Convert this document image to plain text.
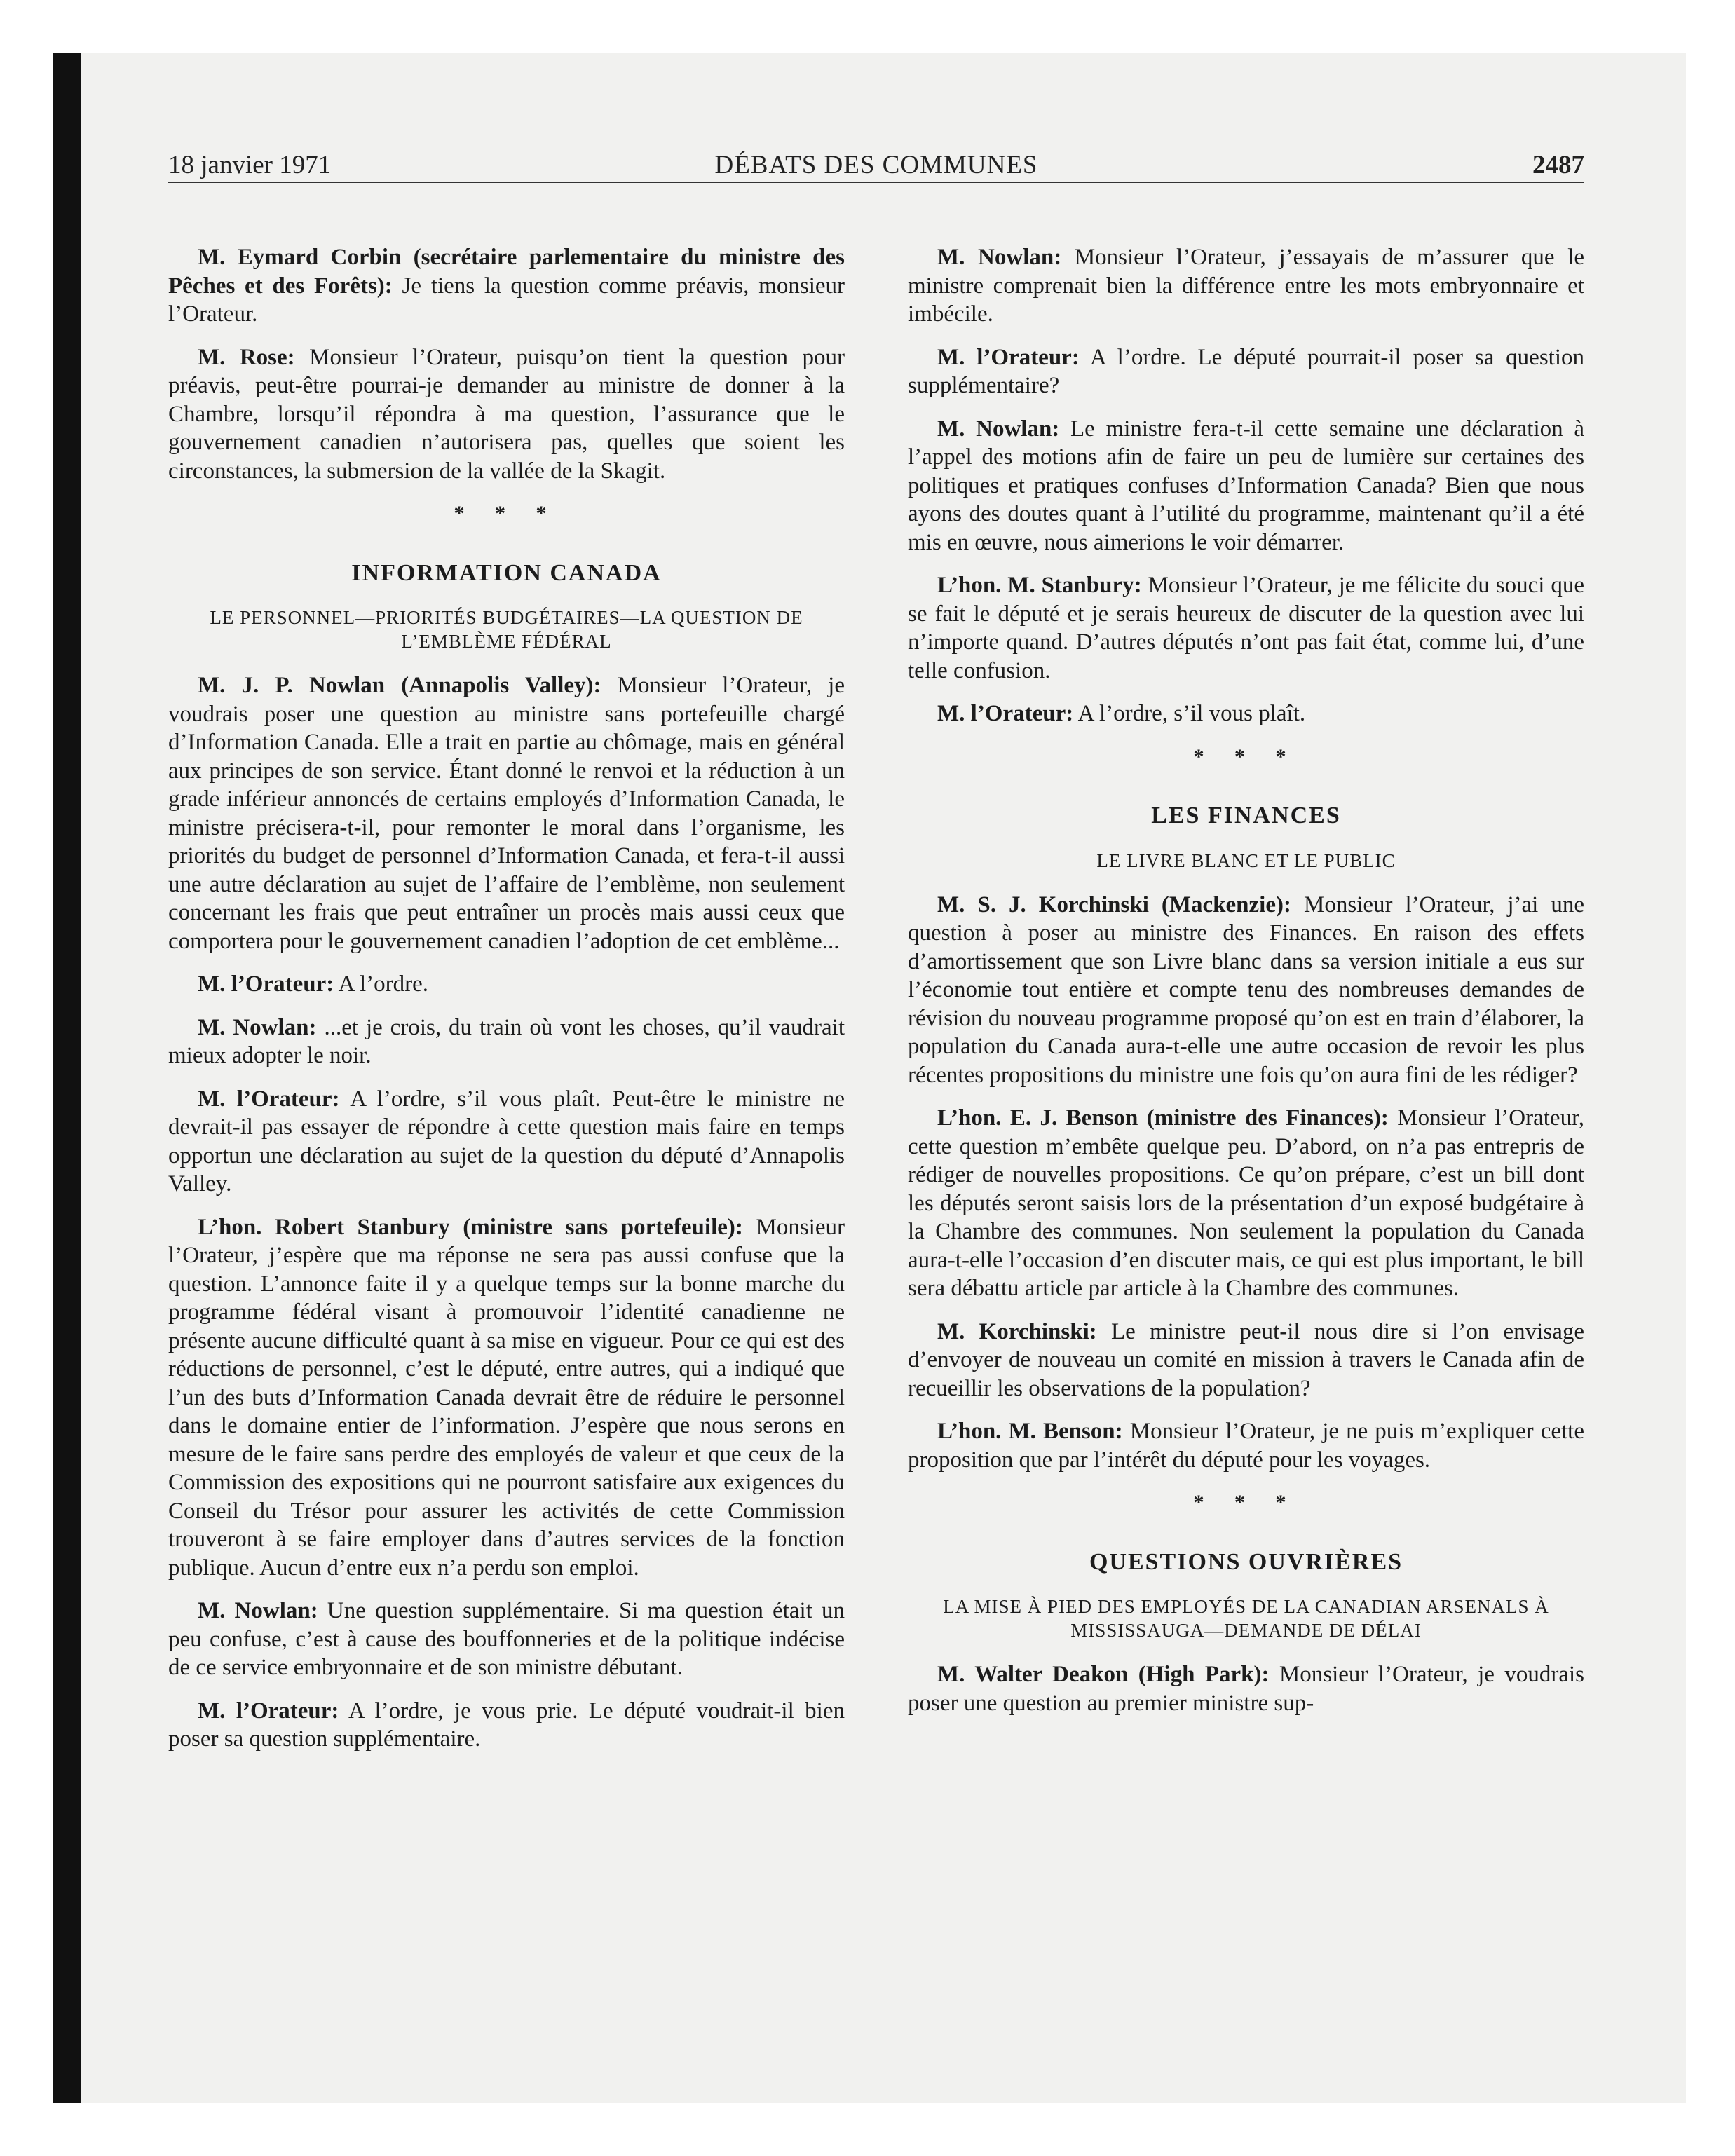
18 janvier 1971	DÉBATS DES COMMUNES	2487

M. Eymard Corbin (secrétaire parlementaire du ministre des Pêches et des Forêts): Je tiens la question comme préavis, monsieur l’Orateur.

M. Rose: Monsieur l’Orateur, puisqu’on tient la question pour préavis, peut-être pourrai-je demander au ministre de donner à la Chambre, lorsqu’il répondra à ma question, l’assurance que le gouvernement canadien n’autorisera pas, quelles que soient les circonstances, la submersion de la vallée de la Skagit.

* * *
INFORMATION CANADA
LE PERSONNEL—PRIORITÉS BUDGÉTAIRES—LA QUESTION DE L’EMBLÈME FÉDÉRAL

M. J. P. Nowlan (Annapolis Valley): Monsieur l’Orateur, je voudrais poser une question au ministre sans portefeuille chargé d’Information Canada. Elle a trait en partie au chômage, mais en général aux principes de son service. Étant donné le renvoi et la réduction à un grade inférieur annoncés de certains employés d’Information Canada, le ministre précisera-t-il, pour remonter le moral dans l’organisme, les priorités du budget de personnel d’Information Canada, et fera-t-il aussi une autre déclaration au sujet de l’affaire de l’emblème, non seulement concernant les frais que peut entraîner un procès mais aussi ceux que comportera pour le gouvernement canadien l’adoption de cet emblème...

M. l’Orateur: A l’ordre.

M. Nowlan: ...et je crois, du train où vont les choses, qu’il vaudrait mieux adopter le noir.

M. l’Orateur: A l’ordre, s’il vous plaît. Peut-être le ministre ne devrait-il pas essayer de répondre à cette question mais faire en temps opportun une déclaration au sujet de la question du député d’Annapolis Valley.

L’hon. Robert Stanbury (ministre sans portefeuile): Monsieur l’Orateur, j’espère que ma réponse ne sera pas aussi confuse que la question. L’annonce faite il y a quelque temps sur la bonne marche du programme fédéral visant à promouvoir l’identité canadienne ne présente aucune difficulté quant à sa mise en vigueur. Pour ce qui est des réductions de personnel, c’est le député, entre autres, qui a indiqué que l’un des buts d’Information Canada devrait être de réduire le personnel dans le domaine entier de l’information. J’espère que nous serons en mesure de le faire sans perdre des employés de valeur et que ceux de la Commission des expositions qui ne pourront satisfaire aux exigences du Conseil du Trésor pour assurer les activités de cette Commission trouveront à se faire employer dans d’autres services de la fonction publique. Aucun d’entre eux n’a perdu son emploi.

M. Nowlan: Une question supplémentaire. Si ma question était un peu confuse, c’est à cause des bouffonneries et de la politique indécise de ce service embryonnaire et de son ministre débutant.

M. l’Orateur: A l’ordre, je vous prie. Le député voudrait-il bien poser sa question supplémentaire.

M. Nowlan: Monsieur l’Orateur, j’essayais de m’assurer que le ministre comprenait bien la différence entre les mots embryonnaire et imbécile.

M. l’Orateur: A l’ordre. Le député pourrait-il poser sa question supplémentaire?

M. Nowlan: Le ministre fera-t-il cette semaine une déclaration à l’appel des motions afin de faire un peu de lumière sur certaines des politiques et pratiques confuses d’Information Canada? Bien que nous ayons des doutes quant à l’utilité du programme, maintenant qu’il a été mis en œuvre, nous aimerions le voir démarrer.

L’hon. M. Stanbury: Monsieur l’Orateur, je me félicite du souci que se fait le député et je serais heureux de discuter de la question avec lui n’importe quand. D’autres députés n’ont pas fait état, comme lui, d’une telle confusion.

M. l’Orateur: A l’ordre, s’il vous plaît.

* * *
LES FINANCES
LE LIVRE BLANC ET LE PUBLIC

M. S. J. Korchinski (Mackenzie): Monsieur l’Orateur, j’ai une question à poser au ministre des Finances. En raison des effets d’amortissement que son Livre blanc dans sa version initiale a eus sur l’économie tout entière et compte tenu des nombreuses demandes de révision du nouveau programme proposé qu’on est en train d’élaborer, la population du Canada aura-t-elle une autre occasion de revoir les plus récentes propositions du ministre une fois qu’on aura fini de les rédiger?

L’hon. E. J. Benson (ministre des Finances): Monsieur l’Orateur, cette question m’embête quelque peu. D’abord, on n’a pas entrepris de rédiger de nouvelles propositions. Ce qu’on prépare, c’est un bill dont les députés seront saisis lors de la présentation d’un exposé budgétaire à la Chambre des communes. Non seulement la population du Canada aura-t-elle l’occasion d’en discuter mais, ce qui est plus important, le bill sera débattu article par article à la Chambre des communes.

M. Korchinski: Le ministre peut-il nous dire si l’on envisage d’envoyer de nouveau un comité en mission à travers le Canada afin de recueillir les observations de la population?

L’hon. M. Benson: Monsieur l’Orateur, je ne puis m’expliquer cette proposition que par l’intérêt du député pour les voyages.

* * *
QUESTIONS OUVRIÈRES
LA MISE À PIED DES EMPLOYÉS DE LA CANADIAN ARSENALS À MISSISSAUGA—DEMANDE DE DÉLAI

M. Walter Deakon (High Park): Monsieur l’Orateur, je voudrais poser une question au premier ministre sup-
